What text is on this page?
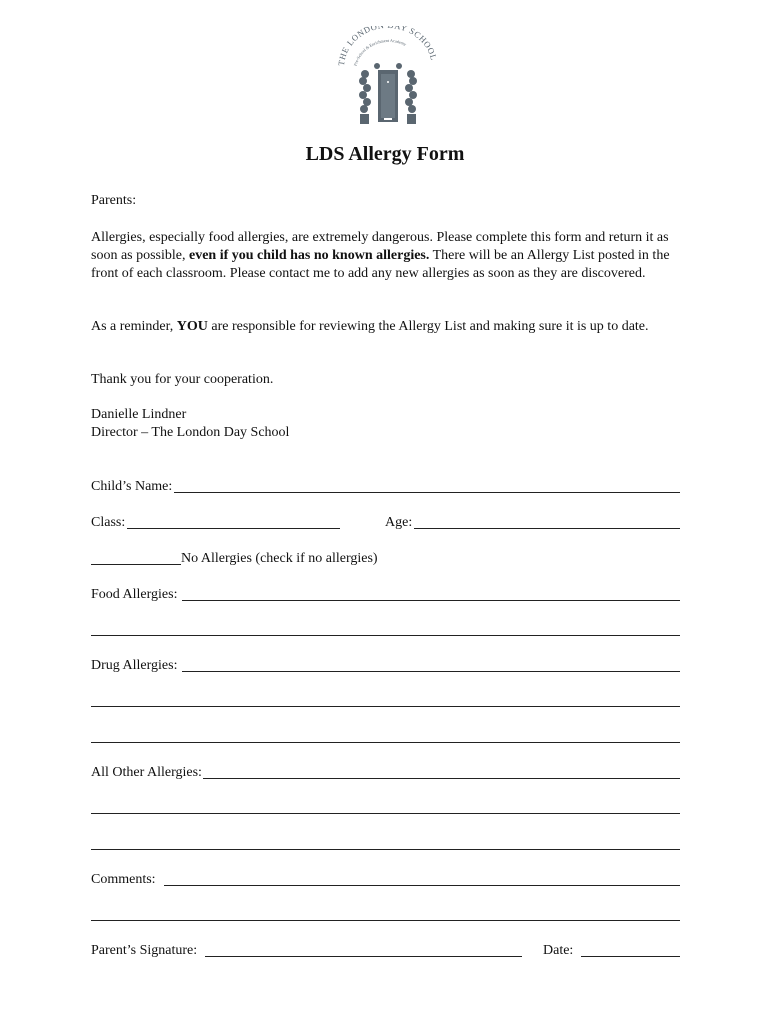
THE LONDO Y SCHOOL
Pre-School & Enrichment Academy
LDS Allergy Form
Parents:
Allergies, especially food allergies, are extremely dangerous. Please complete this form and return it as soon as possible, even if you child has no known allergies. There will be an Allergy List posted in the front of each classroom. Please contact me to add any new allergies as soon as they are discovered.
As a reminder, YOU are responsible for reviewing the Allergy List and making sure it is up to date.
Thank you for your cooperation.
Danielle Lindner
Director – The London Day School
Child’s Name:
Class:	Age:
No Allergies (check if no allergies)
Food Allergies:
Drug Allergies:
All Other Allergies:
Comments:
Parent’s Signature:	Date:
